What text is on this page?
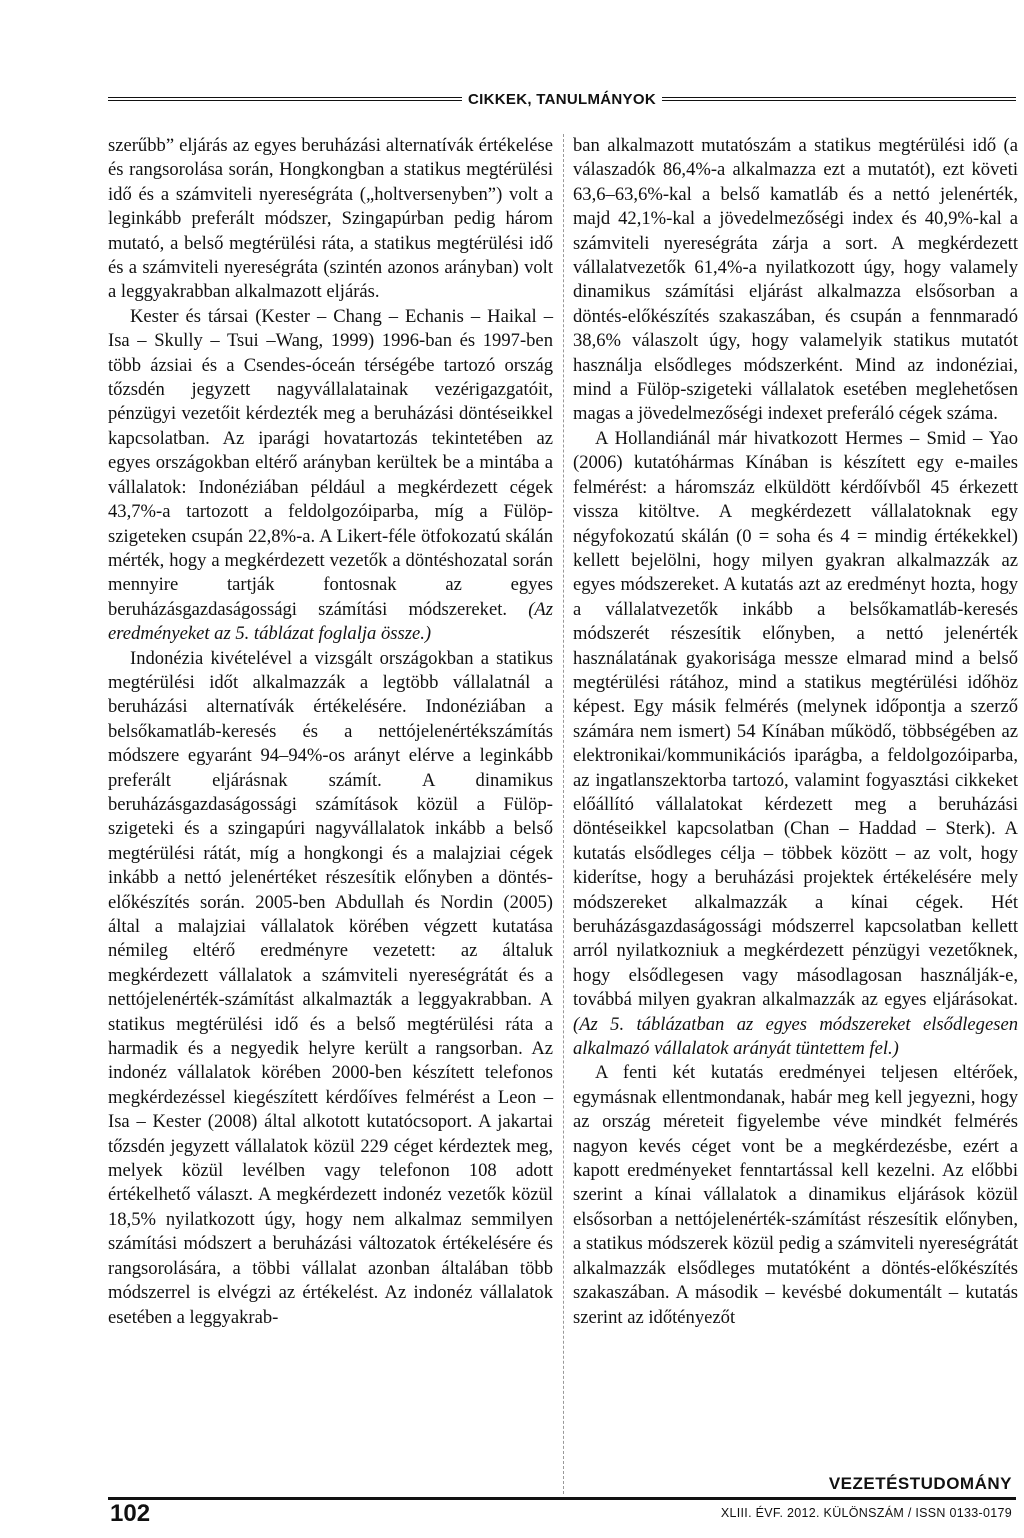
CIKKEK, TANULMÁNYOK

szerűbb” eljárás az egyes beruházási alternatívák értékelése és rangsorolása során, Hongkongban a statikus megtérülési idő és a számviteli nyereségráta („holtversenyben”) volt a leginkább preferált módszer, Szingapúrban pedig három mutató, a belső megtérülési ráta, a statikus megtérülési idő és a számviteli nyereségráta (szintén azonos arányban) volt a leggyakrabban alkalmazott eljárás.

Kester és társai (Kester – Chang – Echanis – Haikal – Isa – Skully – Tsui –Wang, 1999) 1996-ban és 1997-ben több ázsiai és a Csendes-óceán térségébe tartozó ország tőzsdén jegyzett nagyvállalatainak vezérigazgatóit, pénzügyi vezetőit kérdezték meg a beruházási döntéseikkel kapcsolatban. Az iparági hovatartozás tekintetében az egyes országokban eltérő arányban kerültek be a mintába a vállalatok: Indonéziában például a megkérdezett cégek 43,7%-a tartozott a feldolgozóiparba, míg a Fülöp-szigeteken csupán 22,8%-a. A Likert-féle ötfokozatú skálán mérték, hogy a megkérdezett vezetők a döntéshozatal során mennyire tartják fontosnak az egyes beruházásgazdaságossági számítási módszereket. (Az eredményeket az 5. táblázat foglalja össze.)

Indonézia kivételével a vizsgált országokban a statikus megtérülési időt alkalmazzák a legtöbb vállalatnál a beruházási alternatívák értékelésére. Indonéziában a belsőkamatláb-keresés és a nettójelenértékszámítás módszere egyaránt 94–94%-os arányt elérve a leginkább preferált eljárásnak számít. A dinamikus beruházásgazdaságossági számítások közül a Fülöp-szigeteki és a szingapúri nagyvállalatok inkább a belső megtérülési rátát, míg a hongkongi és a malajziai cégek inkább a nettó jelenértéket részesítik előnyben a döntés-előkészítés során. 2005-ben Abdullah és Nordin (2005) által a malajziai vállalatok körében végzett kutatása némileg eltérő eredményre vezetett: az általuk megkérdezett vállalatok a számviteli nyereségrátát és a nettójelenérték-számítást alkalmazták a leggyakrabban. A statikus megtérülési idő és a belső megtérülési ráta a harmadik és a negyedik helyre került a rangsorban. Az indonéz vállalatok körében 2000-ben készített telefonos megkérdezéssel kiegészített kérdőíves felmérést a Leon – Isa – Kester (2008) által alkotott kutatócsoport. A jakartai tőzsdén jegyzett vállalatok közül 229 céget kérdeztek meg, melyek közül levélben vagy telefonon 108 adott értékelhető választ. A megkérdezett indonéz vezetők közül 18,5% nyilatkozott úgy, hogy nem alkalmaz semmilyen számítási módszert a beruházási változatok értékelésére és rangsorolására, a többi vállalat azonban általában több módszerrel is elvégzi az értékelést. Az indonéz vállalatok esetében a leggyakrab-

ban alkalmazott mutatószám a statikus megtérülési idő (a válaszadók 86,4%-a alkalmazza ezt a mutatót), ezt követi 63,6–63,6%-kal a belső kamatláb és a nettó jelenérték, majd 42,1%-kal a jövedelmezőségi index és 40,9%-kal a számviteli nyereségráta zárja a sort. A megkérdezett vállalatvezetők 61,4%-a nyilatkozott úgy, hogy valamely dinamikus számítási eljárást alkalmazza elsősorban a döntés-előkészítés szakaszában, és csupán a fennmaradó 38,6% válaszolt úgy, hogy valamelyik statikus mutatót használja elsődleges módszerként. Mind az indonéziai, mind a Fülöp-szigeteki vállalatok esetében meglehetősen magas a jövedelmezőségi indexet preferáló cégek száma.

A Hollandiánál már hivatkozott Hermes – Smid – Yao (2006) kutatóhármas Kínában is készített egy e-mailes felmérést: a háromszáz elküldött kérdőívből 45 érkezett vissza kitöltve. A megkérdezett vállalatoknak egy négyfokozatú skálán (0 = soha és 4 = mindig értékekkel) kellett bejelölni, hogy milyen gyakran alkalmazzák az egyes módszereket. A kutatás azt az eredményt hozta, hogy a vállalatvezetők inkább a belsőkamatláb-keresés módszerét részesítik előnyben, a nettó jelenérték használatának gyakorisága messze elmarad mind a belső megtérülési rátához, mind a statikus megtérülési időhöz képest. Egy másik felmérés (melynek időpontja a szerző számára nem ismert) 54 Kínában működő, többségében az elektronikai/kommunikációs iparágba, a feldolgozóiparba, az ingatlanszektorba tartozó, valamint fogyasztási cikkeket előállító vállalatokat kérdezett meg a beruházási döntéseikkel kapcsolatban (Chan – Haddad – Sterk). A kutatás elsődleges célja – többek között – az volt, hogy kiderítse, hogy a beruházási projektek értékelésére mely módszereket alkalmazzák a kínai cégek. Hét beruházásgazdaságossági módszerrel kapcsolatban kellett arról nyilatkozniuk a megkérdezett pénzügyi vezetőknek, hogy elsődlegesen vagy másodlagosan használják-e, továbbá milyen gyakran alkalmazzák az egyes eljárásokat. (Az 5. táblázatban az egyes módszereket elsődlegesen alkalmazó vállalatok arányát tüntettem fel.)

A fenti két kutatás eredményei teljesen eltérőek, egymásnak ellentmondanak, habár meg kell jegyezni, hogy az ország méreteit figyelembe véve mindkét felmérés nagyon kevés céget vont be a megkérdezésbe, ezért a kapott eredményeket fenntartással kell kezelni. Az előbbi szerint a kínai vállalatok a dinamikus eljárások közül elsősorban a nettójelenérték-számítást részesítik előnyben, a statikus módszerek közül pedig a számviteli nyereségrátát alkalmazzák elsődleges mutatóként a döntés-előkészítés szakaszában. A második – kevésbé dokumentált – kutatás szerint az időtényezőt

VEZETÉSTUDOMÁNY
102	XLIII. ÉVF. 2012. KÜLÖNSZÁM / ISSN 0133-0179
